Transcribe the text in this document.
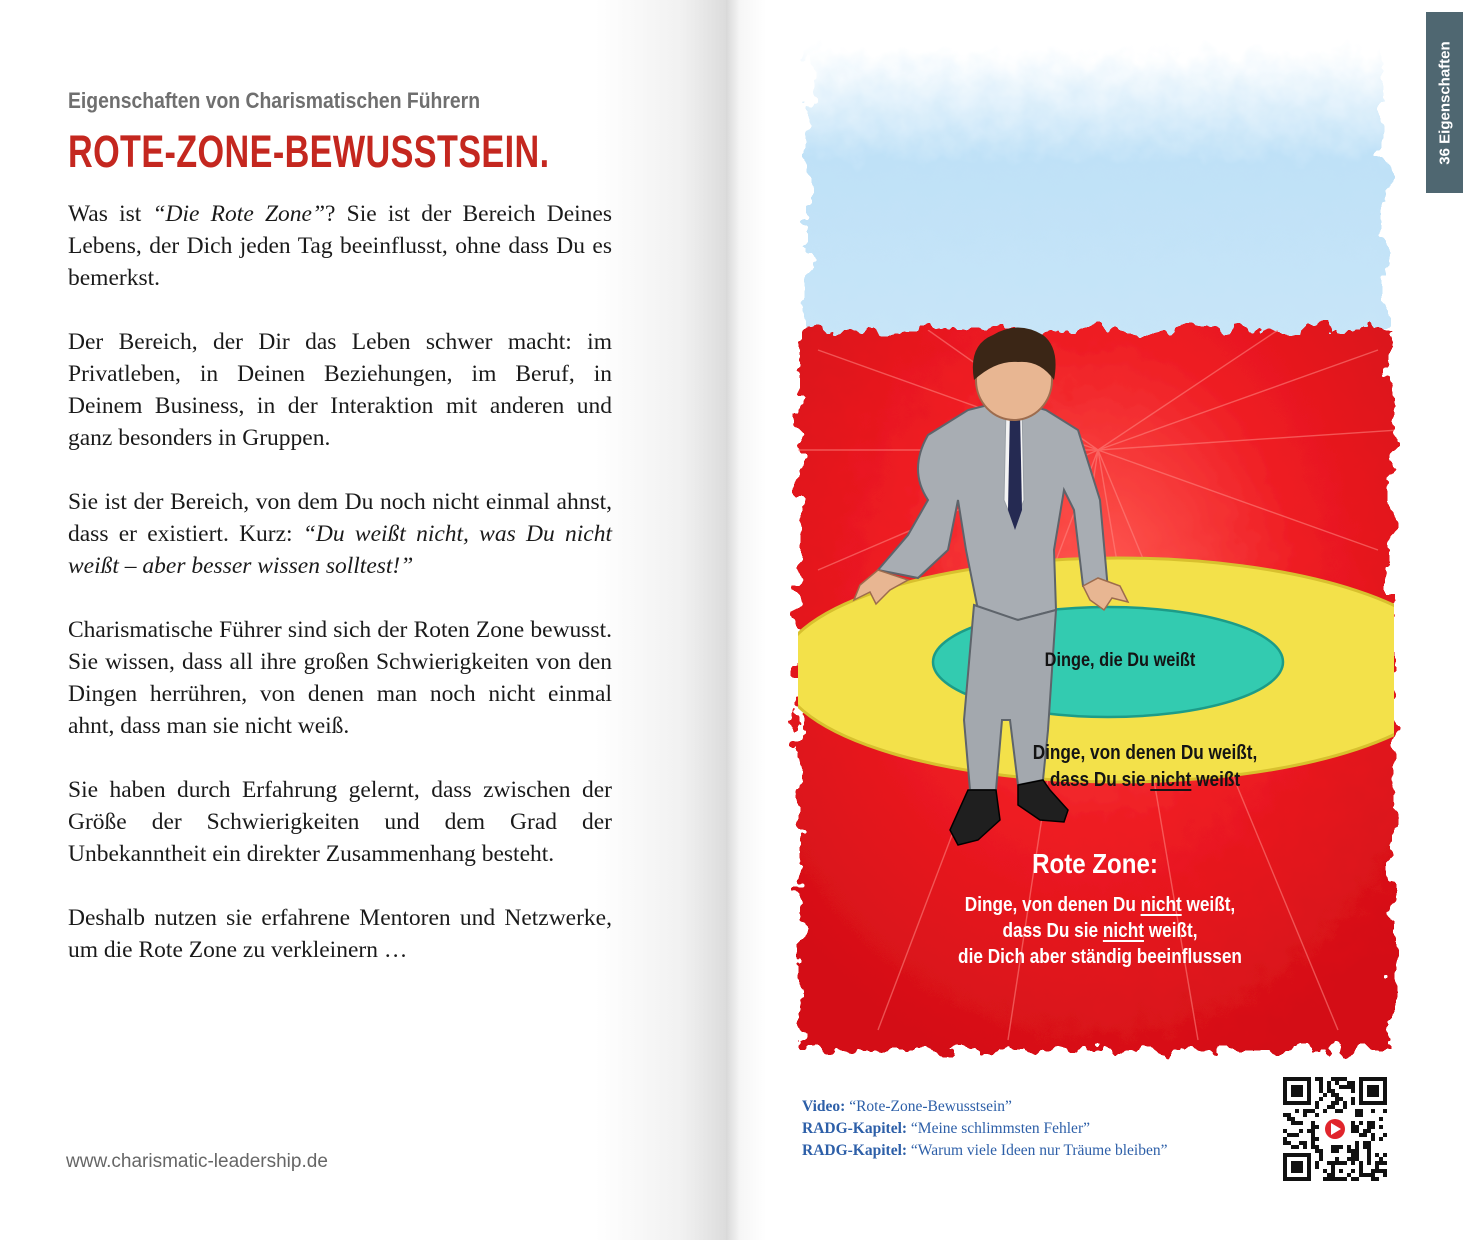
Eigenschaften von Charismatischen Führern
ROTE-ZONE-BEWUSSTSEIN.

Was ist “Die Rote Zone”? Sie ist der Bereich Deines Lebens, der Dich jeden Tag beeinflusst, ohne dass Du es bemerkst.

Der Bereich, der Dir das Leben schwer macht: im Privatleben, in Deinen Beziehungen, im Beruf, in Deinem Business, in der Interaktion mit anderen und ganz besonders in Gruppen.

Sie ist der Bereich, von dem Du noch nicht einmal ahnst, dass er existiert. Kurz: “Du weißt nicht, was Du nicht weißt – aber besser wissen solltest!”

Charismatische Führer sind sich der Roten Zone bewusst. Sie wissen, dass all ihre großen Schwierigkeiten von den Dingen herrühren, von denen man noch nicht einmal ahnt, dass man sie nicht weiß.

Sie haben durch Erfahrung gelernt, dass zwischen der Größe der Schwierigkeiten und dem Grad der Unbekanntheit ein direkter Zusammenhang besteht.

Deshalb nutzen sie erfahrene Mentoren und Netzwerke, um die Rote Zone zu verkleinern …

www.charismatic-leadership.de
36 Eigenschaften
Dinge, die Du weißt
Dinge, von denen Du weißt,
dass Du sie nicht weißt
Rote Zone:
Dinge, von denen Du nicht weißt,
dass Du sie nicht weißt,
die Dich aber ständig beeinflussen
Video: “Rote-Zone-Bewusstsein”
RADG-Kapitel: “Meine schlimmsten Fehler”
RADG-Kapitel: “Warum viele Ideen nur Träume bleiben”
